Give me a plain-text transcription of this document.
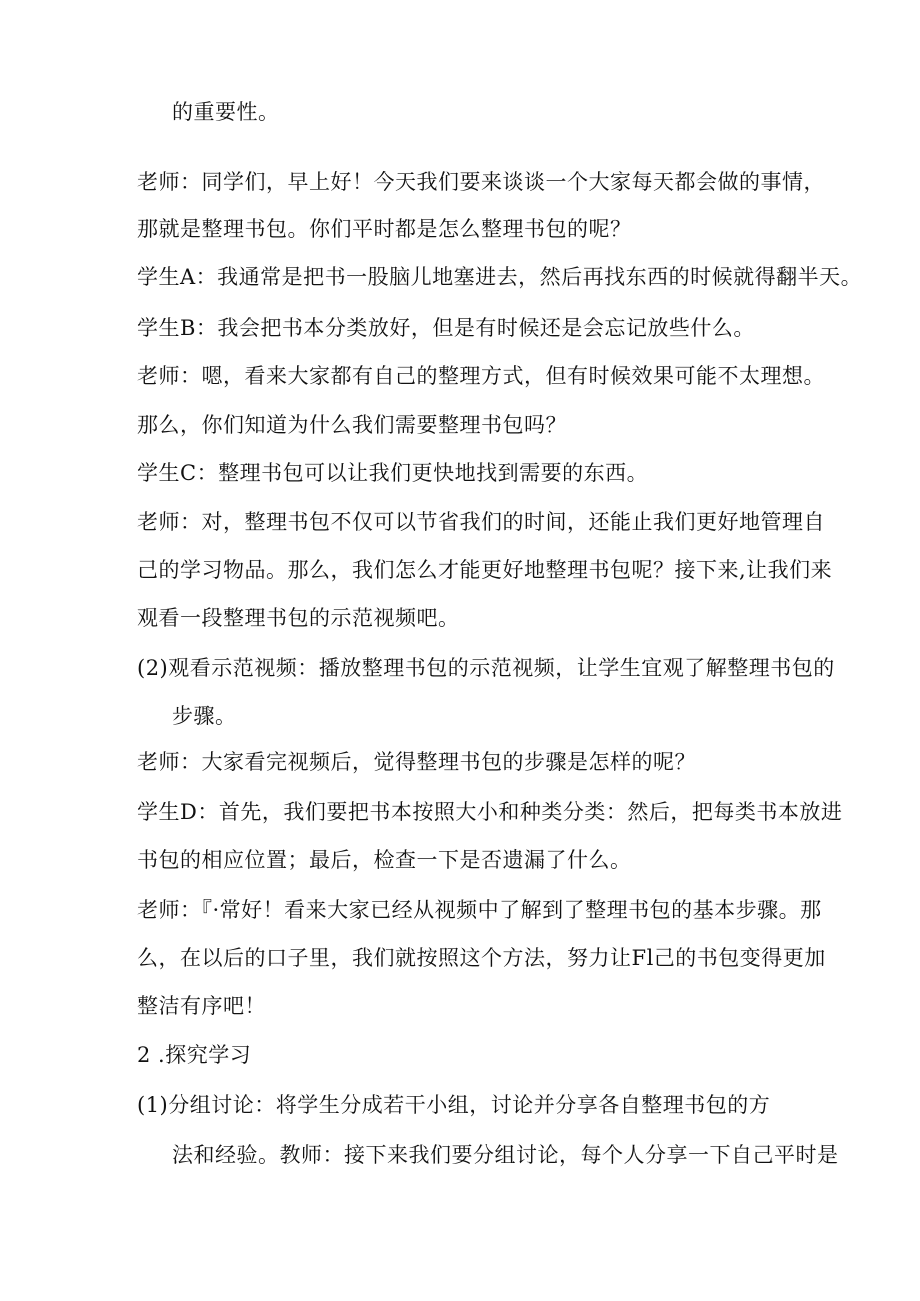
的重要性。
老师：同学们，早上好！今天我们要来谈谈一个大家每天都会做的事情，
那就是整理书包。你们平时都是怎么整理书包的呢？
学生A：我通常是把书一股脑儿地塞进去，然后再找东西的时候就得翻半天。
学生B：我会把书本分类放好，但是有时候还是会忘记放些什么。
老师：嗯，看来大家都有自己的整理方式，但有时候效果可能不太理想。
那么，你们知道为什么我们需要整理书包吗？
学生C：整理书包可以让我们更快地找到需要的东西。
老师：对，整理书包不仅可以节省我们的时间，还能止我们更好地管理自
己的学习物品。那么，我们怎么才能更好地整理书包呢？接下来,让我们来
观看一段整理书包的示范视频吧。
(2)观看示范视频：播放整理书包的示范视频，让学生宜观了解整理书包的
步骤。
老师：大家看完视频后，觉得整理书包的步骤是怎样的呢？
学生D：首先，我们要把书本按照大小和种类分类：然后，把每类书本放进
书包的相应位置；最后，检查一下是否遗漏了什么。
老师：『·常好！看来大家已经从视频中了解到了整理书包的基本步骤。那
么，在以后的口子里，我们就按照这个方法，努力让Fl己的书包变得更加
整洁有序吧！
2 .探究学习
(1)分组讨论：将学生分成若干小组，讨论并分享各自整理书包的方
法和经验。教师：接下来我们要分组讨论，每个人分享一下自己平时是
